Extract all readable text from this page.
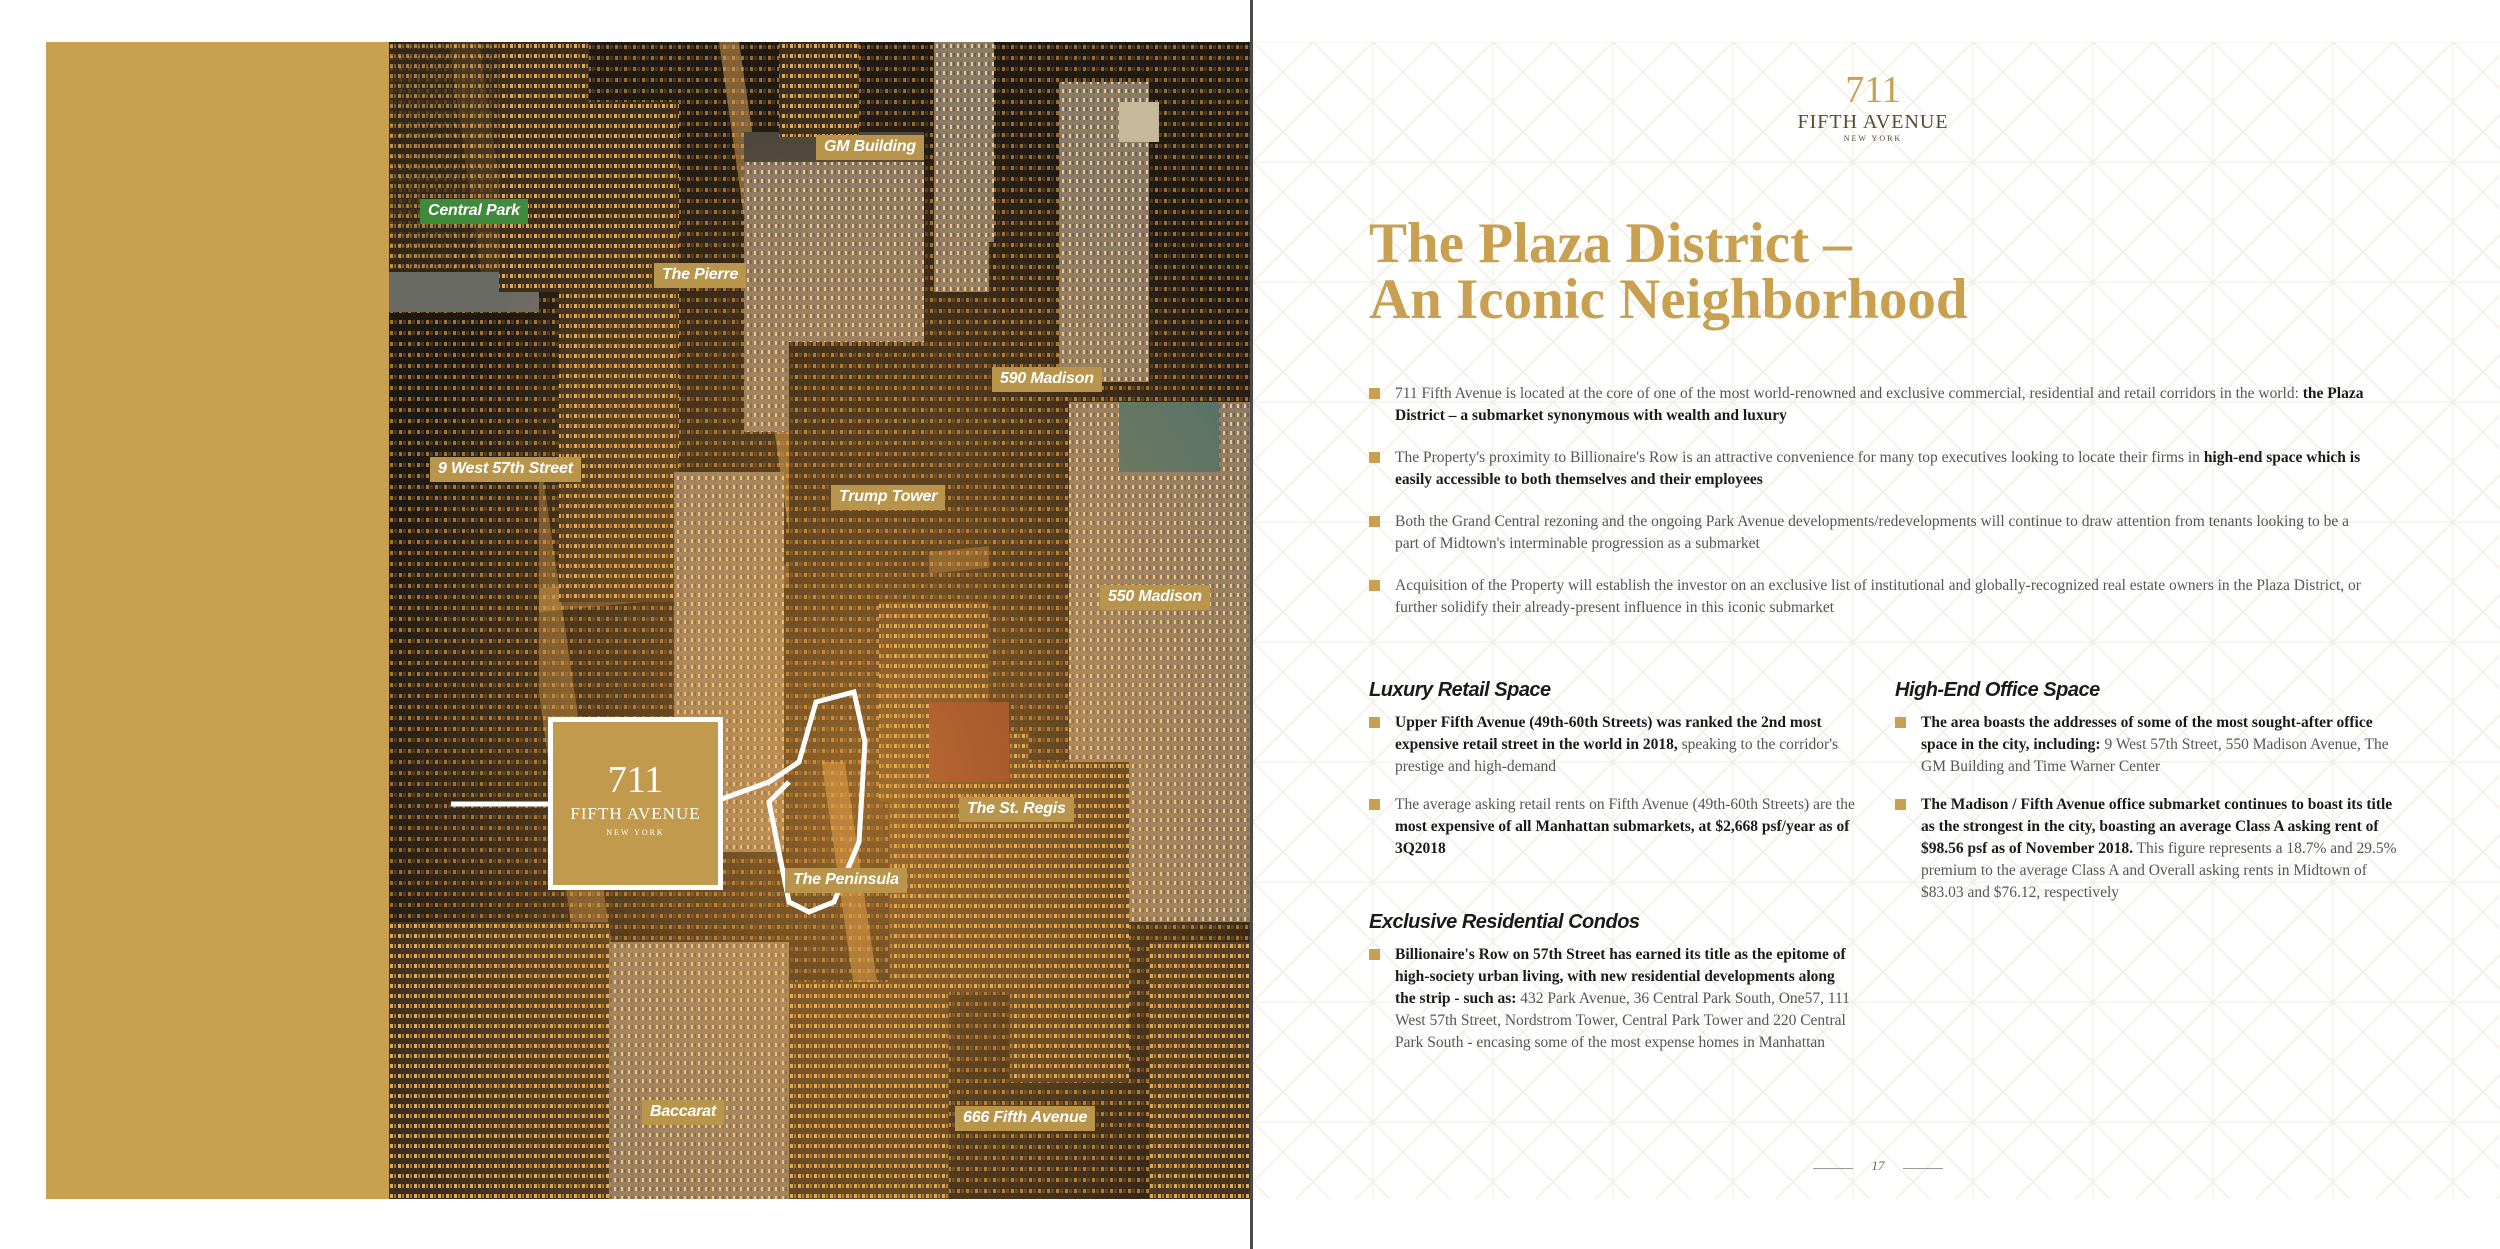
Central Park
GM Building
The Pierre
590 Madison
9 West 57th Street
Trump Tower
550 Madison
The St. Regis
The Peninsula
Baccarat	666 Fifth Avenue
711
FIFTH AVENUE
NEW YORK
711
FIFTH AVENUE
NEW YORK
The Plaza District –
An Iconic Neighborhood
711 Fifth Avenue is located at the core of one of the most world-renowned and exclusive commercial, residential and retail corridors in the world: the Plaza District – a submarket synonymous with wealth and luxury
The Property's proximity to Billionaire's Row is an attractive convenience for many top executives looking to locate their firms in high-end space which is easily accessible to both themselves and their employees
Both the Grand Central rezoning and the ongoing Park Avenue developments/redevelopments will continue to draw attention from tenants looking to be a part of Midtown's interminable progression as a submarket
Acquisition of the Property will establish the investor on an exclusive list of institutional and globally-recognized real estate owners in the Plaza District, or further solidify their already-present influence in this iconic submarket
Luxury Retail Space
Upper Fifth Avenue (49th-60th Streets) was ranked the 2nd most expensive retail street in the world in 2018, speaking to the corridor's prestige and high-demand
The average asking retail rents on Fifth Avenue (49th-60th Streets) are the most expensive of all Manhattan submarkets, at $2,668 psf/year as of 3Q2018
High-End Office Space
The area boasts the addresses of some of the most sought-after office space in the city, including: 9 West 57th Street, 550 Madison Avenue, The GM Building and Time Warner Center
The Madison / Fifth Avenue office submarket continues to boast its title as the strongest in the city, boasting an average Class A asking rent of $98.56 psf as of November 2018. This figure represents a 18.7% and 29.5% premium to the average Class A and Overall asking rents in Midtown of $83.03 and $76.12, respectively
Exclusive Residential Condos
Billionaire's Row on 57th Street has earned its title as the epitome of high-society urban living, with new residential developments along the strip - such as: 432 Park Avenue, 36 Central Park South, One57, 111 West 57th Street, Nordstrom Tower, Central Park Tower and 220 Central Park South - encasing some of the most expense homes in Manhattan
17
